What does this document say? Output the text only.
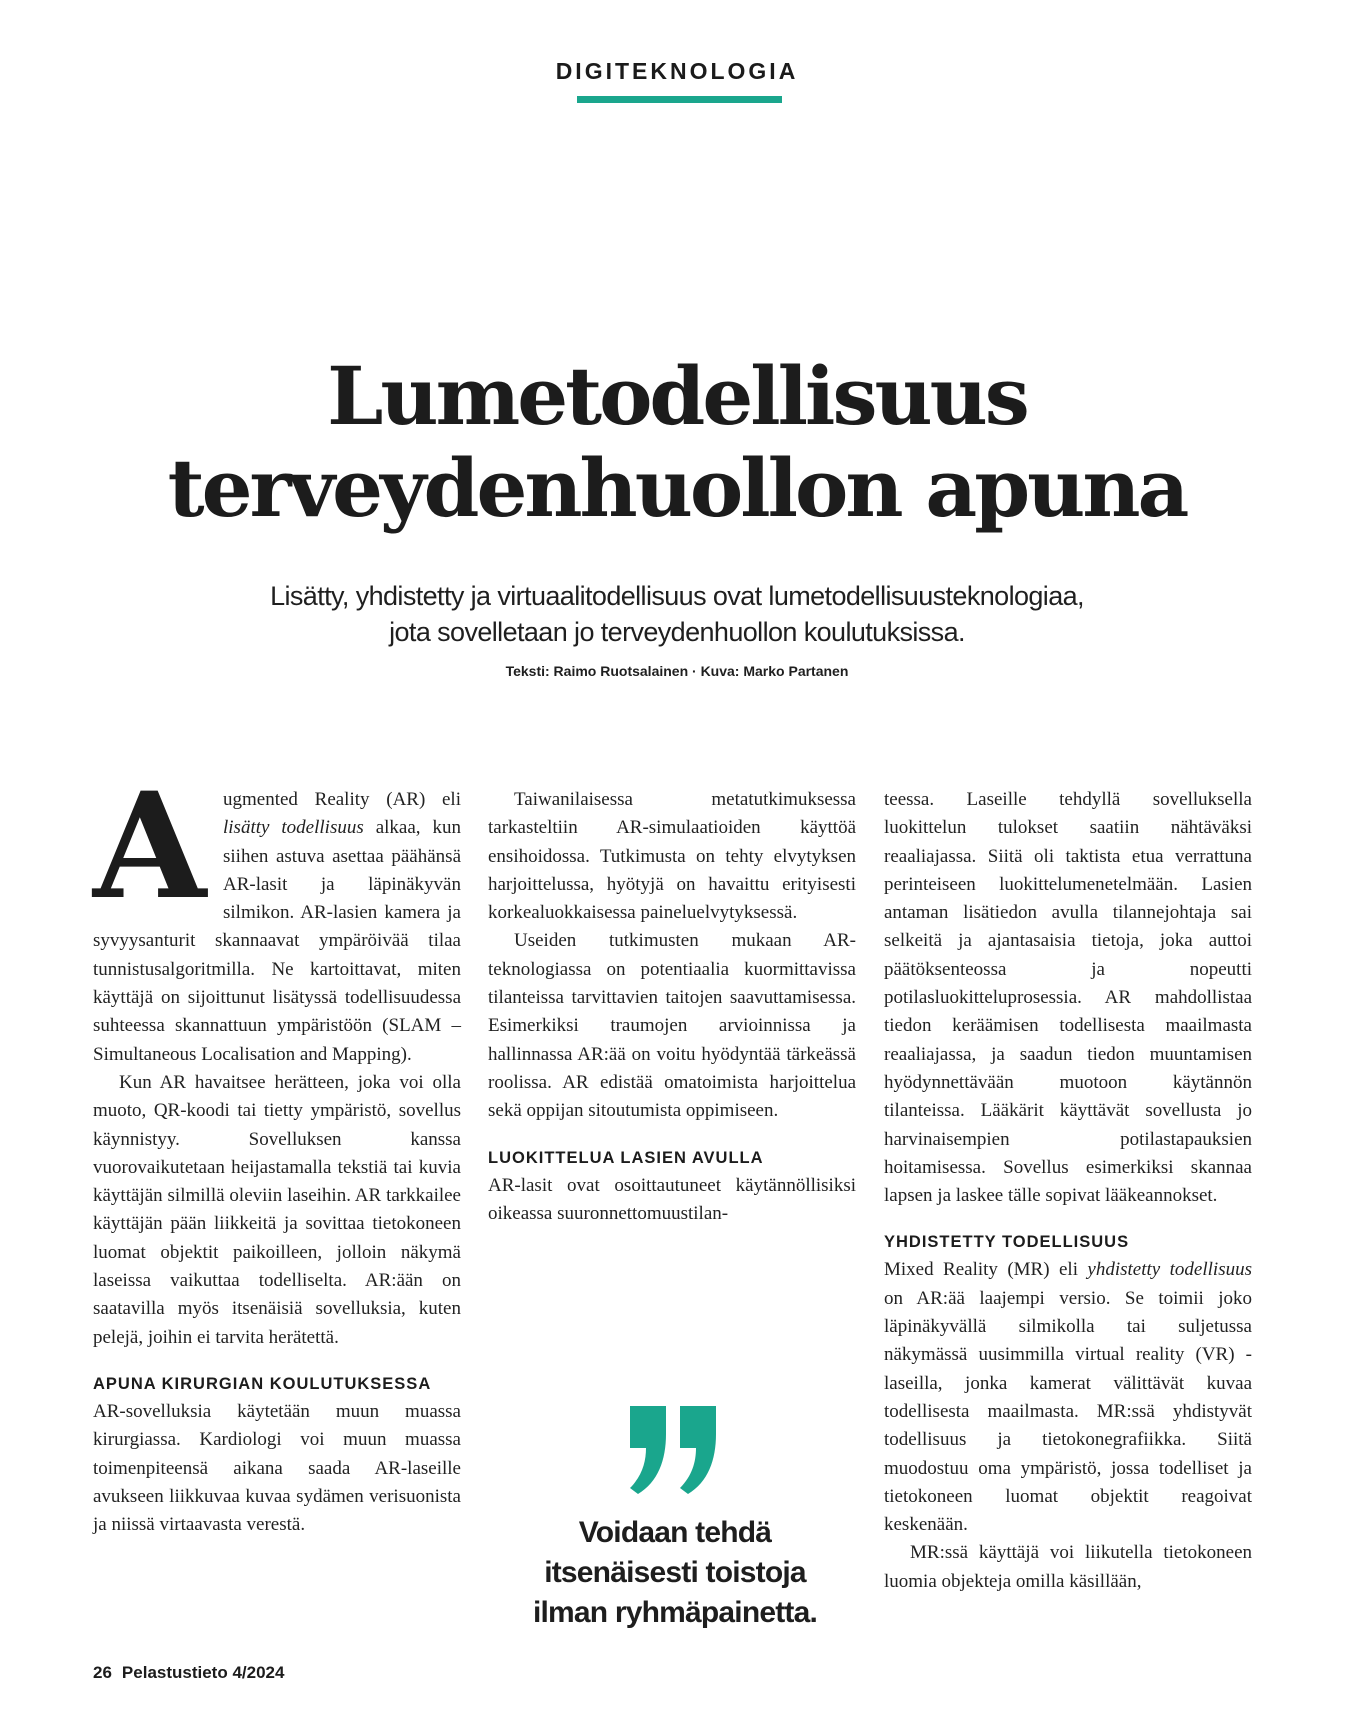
DIGITEKNOLOGIA
Lumetodellisuus
terveydenhuollon apuna
Lisätty, yhdistetty ja virtuaalitodellisuus ovat lumetodellisuusteknologiaa,
jota sovelletaan jo terveydenhuollon koulutuksissa.
Teksti: Raimo Ruotsalainen · Kuva: Marko Partanen
A ugmented Reality (AR) eli lisätty todellisuus alkaa, kun siihen astuva asettaa päähänsä AR-lasit ja läpinäkyvän silmikon. AR-lasien kamera ja syvyysanturit skannaavat ympäröivää tilaa tunnistusalgoritmilla. Ne kartoittavat, miten käyttäjä on sijoittunut lisätyssä todellisuudessa suhteessa skannattuun ympäristöön (SLAM – Simultaneous Localisation and Mapping).

Kun AR havaitsee herätteen, joka voi olla muoto, QR-koodi tai tietty ympäristö, sovellus käynnistyy. Sovelluksen kanssa vuorovaikutetaan heijastamalla tekstiä tai kuvia käyttäjän silmillä oleviin laseihin. AR tarkkailee käyttäjän pään liikkeitä ja sovittaa tietokoneen luomat objektit paikoilleen, jolloin näkymä laseissa vaikuttaa todelliselta. AR:ään on saatavilla myös itsenäisiä sovelluksia, kuten pelejä, joihin ei tarvita herätettä.

APUNA KIRURGIAN KOULUTUKSESSA

AR-sovelluksia käytetään muun muassa kirurgiassa. Kardiologi voi muun muassa toimenpiteensä aikana saada AR-laseille avukseen liikkuvaa kuvaa sydämen verisuonista ja niissä virtaavasta verestä.

Taiwanilaisessa metatutkimuksessa tarkasteltiin AR-simulaatioiden käyttöä ensihoidossa. Tutkimusta on tehty elvytyksen harjoittelussa, hyötyjä on havaittu erityisesti korkealuokkaisessa paineluelvytyksessä.

Useiden tutkimusten mukaan AR-teknologiassa on potentiaalia kuormittavissa tilanteissa tarvittavien taitojen saavuttamisessa. Esimerkiksi traumojen arvioinnissa ja hallinnassa AR:ää on voitu hyödyntää tärkeässä roolissa. AR edistää omatoimista harjoittelua sekä oppijan sitoutumista oppimiseen.

LUOKITTELUA LASIEN AVULLA

AR-lasit ovat osoittautuneet käytännöllisiksi oikeassa suuronnettomuustilan-

teessa. Laseille tehdyllä sovelluksella luokittelun tulokset saatiin nähtäväksi reaaliajassa. Siitä oli taktista etua verrattuna perinteiseen luokittelumenetelmään. Lasien antaman lisätiedon avulla tilannejohtaja sai selkeitä ja ajantasaisia tietoja, joka auttoi päätöksenteossa ja nopeutti potilasluokitteluprosessia. AR mahdollistaa tiedon keräämisen todellisesta maailmasta reaaliajassa, ja saadun tiedon muuntamisen hyödynnettävään muotoon käytännön tilanteissa. Lääkärit käyttävät sovellusta jo harvinaisempien potilastapauksien hoitamisessa. Sovellus esimerkiksi skannaa lapsen ja laskee tälle sopivat lääkeannokset.

YHDISTETTY TODELLISUUS

Mixed Reality (MR) eli yhdistetty todellisuus on AR:ää laajempi versio. Se toimii joko läpinäkyvällä silmikolla tai suljetussa näkymässä uusimmilla virtual reality (VR) -laseilla, jonka kamerat välittävät kuvaa todellisesta maailmasta. MR:ssä yhdistyvät todellisuus ja tietokonegrafiikka. Siitä muodostuu oma ympäristö, jossa todelliset ja tietokoneen luomat objektit reagoivat keskenään.

MR:ssä käyttäjä voi liikutella tietokoneen luomia objekteja omilla käsillään,

Voidaan tehdä
itsenäisesti toistoja
ilman ryhmäpainetta.
26 Pelastustieto 4/2024
